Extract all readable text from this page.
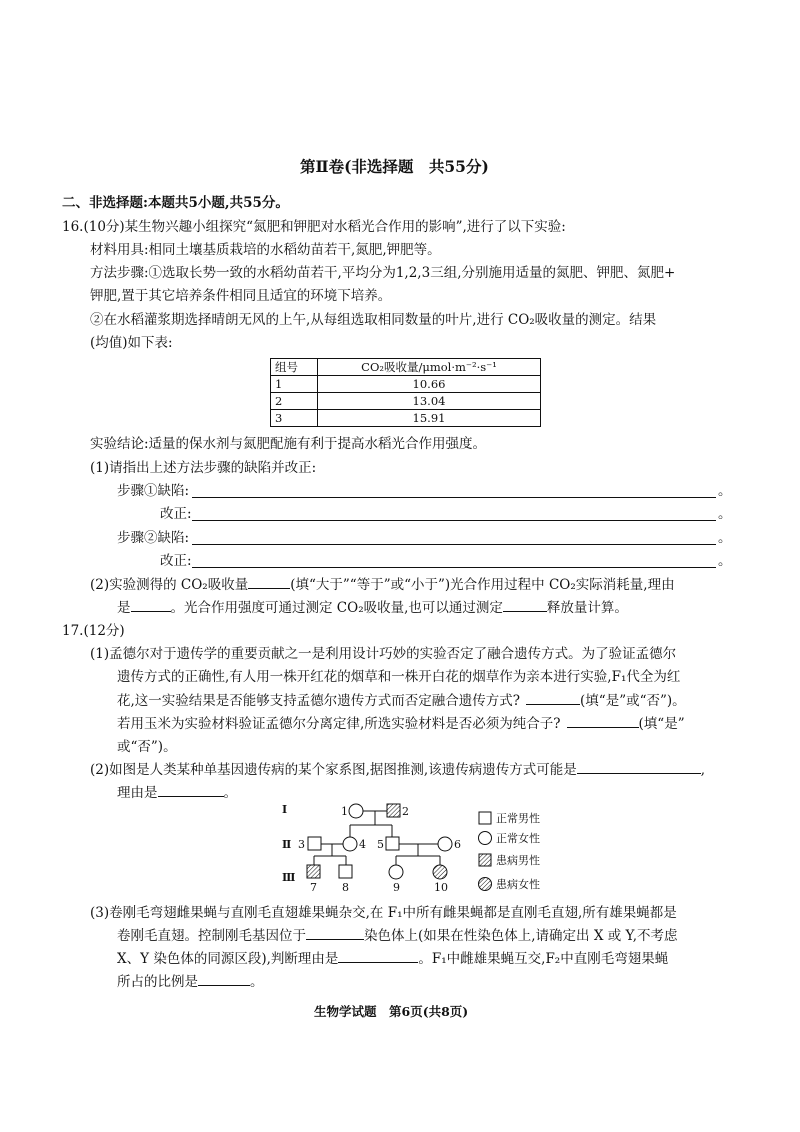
第Ⅱ卷(非选择题　共55分)
二、非选择题:本题共5小题,共55分。
16.(10分)某生物兴趣小组探究“氮肥和钾肥对水稻光合作用的影响”,进行了以下实验:
材料用具:相同土壤基质栽培的水稻幼苗若干,氮肥,钾肥等。
方法步骤:①选取长势一致的水稻幼苗若干,平均分为1,2,3三组,分别施用适量的氮肥、钾肥、氮肥+
钾肥,置于其它培养条件相同且适宜的环境下培养。
②在水稻灌浆期选择晴朗无风的上午,从每组选取相同数量的叶片,进行 CO₂吸收量的测定。结果
(均值)如下表:
组号	CO₂吸收量/μmol·m⁻²·s⁻¹
1	10.66
2	13.04
3	15.91
实验结论:适量的保水剂与氮肥配施有利于提高水稻光合作用强度。
(1)请指出上述方法步骤的缺陷并改正:
步骤①缺陷:	。
改正:	。
步骤②缺陷:	。
改正:	。
(2)实验测得的 CO₂吸收量	(填“大于”“等于”或“小于”)光合作用过程中 CO₂实际消耗量,理由
是	。光合作用强度可通过测定 CO₂吸收量,也可以通过测定	释放量计算。
17.(12分)
(1)孟德尔对于遗传学的重要贡献之一是利用设计巧妙的实验否定了融合遗传方式。为了验证孟德尔
遗传方式的正确性,有人用一株开红花的烟草和一株开白花的烟草作为亲本进行实验,F₁代全为红
花,这一实验结果是否能够支持孟德尔遗传方式而否定融合遗传方式?	(填“是”或“否”)。
若用玉米为实验材料验证孟德尔分离定律,所选实验材料是否必须为纯合子?	(填“是”
或“否”)。
(2)如图是人类某种单基因遗传病的某个家系图,据图推测,该遗传病遗传方式可能是	,
理由是	。
Ⅰ
Ⅱ
Ⅲ
1	2
3	4 5	6
7 8	9	10
正常男性
正常女性
患病男性
患病女性
(3)卷刚毛弯翅雌果蝇与直刚毛直翅雄果蝇杂交,在 F₁中所有雌果蝇都是直刚毛直翅,所有雄果蝇都是
卷刚毛直翅。控制刚毛基因位于	染色体上(如果在性染色体上,请确定出 X 或 Y,不考虑
X、Y 染色体的同源区段),判断理由是	。F₁中雌雄果蝇互交,F₂中直刚毛弯翅果蝇
所占的比例是	。
生物学试题　第6页(共8页)
